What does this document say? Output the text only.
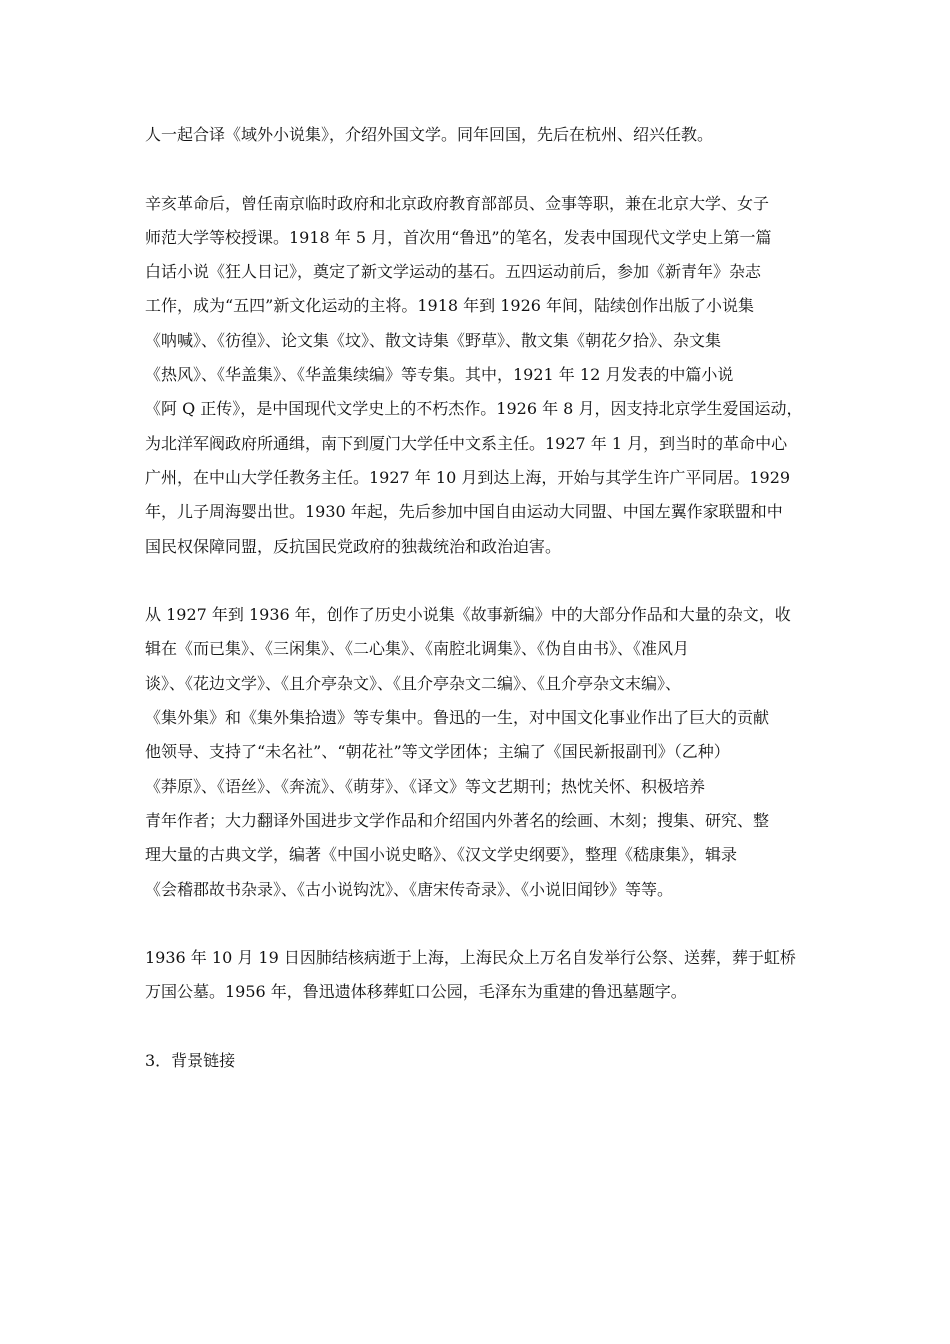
人一起合译《域外小说集》，介绍外国文学。同年回国，先后在杭州、绍兴任教。
辛亥革命后，曾任南京临时政府和北京政府教育部部员、佥事等职，兼在北京大学、女子
师范大学等校授课。1918 年 5 月，首次用“鲁迅”的笔名，发表中国现代文学史上第一篇
白话小说《狂人日记》，奠定了新文学运动的基石。五四运动前后，参加《新青年》杂志
工作，成为“五四”新文化运动的主将。1918 年到 1926 年间，陆续创作出版了小说集
《呐喊》、《彷徨》、论文集《坟》、散文诗集《野草》、散文集《朝花夕拾》、杂文集
《热风》、《华盖集》、《华盖集续编》等专集。其中，1921 年 12 月发表的中篇小说
《阿 Q 正传》，是中国现代文学史上的不朽杰作。1926 年 8 月，因支持北京学生爱国运动，
为北洋军阀政府所通缉，南下到厦门大学任中文系主任。1927 年 1 月，到当时的革命中心
广州，在中山大学任教务主任。1927 年 10 月到达上海，开始与其学生许广平同居。1929
年，儿子周海婴出世。1930 年起，先后参加中国自由运动大同盟、中国左翼作家联盟和中
国民权保障同盟，反抗国民党政府的独裁统治和政治迫害。
从 1927 年到 1936 年，创作了历史小说集《故事新编》中的大部分作品和大量的杂文，收
辑在《而已集》、《三闲集》、《二心集》、《南腔北调集》、《伪自由书》、《准风月
谈》、《花边文学》、《且介亭杂文》、《且介亭杂文二编》、《且介亭杂文末编》、
《集外集》和《集外集拾遗》等专集中。鲁迅的一生，对中国文化事业作出了巨大的贡献
他领导、支持了“未名社”、“朝花社”等文学团体；主编了《国民新报副刊》（乙种）
《莽原》、《语丝》、《奔流》、《萌芽》、《译文》等文艺期刊；热忱关怀、积极培养
青年作者；大力翻译外国进步文学作品和介绍国内外著名的绘画、木刻；搜集、研究、整
理大量的古典文学，编著《中国小说史略》、《汉文学史纲要》，整理《嵇康集》，辑录
《会稽郡故书杂录》、《古小说钩沈》、《唐宋传奇录》、《小说旧闻钞》等等。
1936 年 10 月 19 日因肺结核病逝于上海，上海民众上万名自发举行公祭、送葬，葬于虹桥
万国公墓。1956 年，鲁迅遗体移葬虹口公园，毛泽东为重建的鲁迅墓题字。
3．背景链接
